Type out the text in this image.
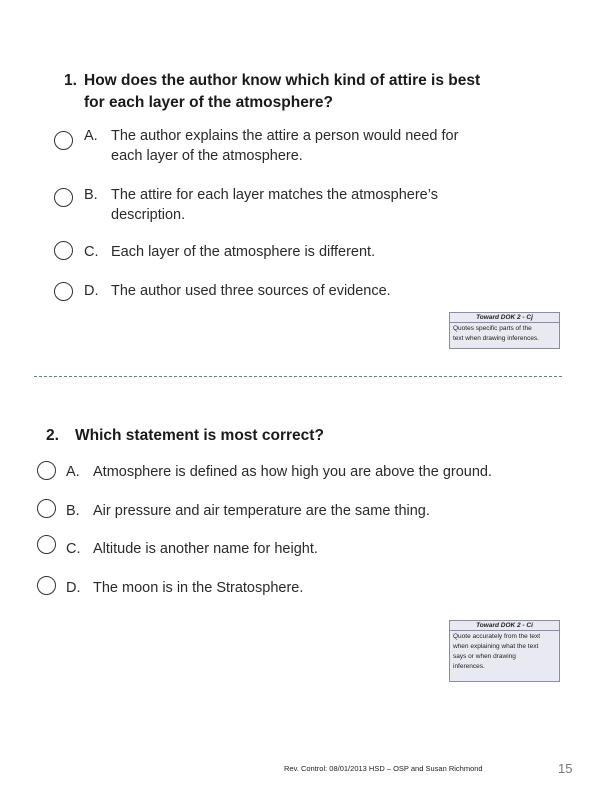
1. How does the author know which kind of attire is best
for each layer of the atmosphere?
A. The author explains the attire a person would need for
each layer of the atmosphere.
B. The attire for each layer matches the atmosphere’s
description.
C. Each layer of the atmosphere is different.
D. The author used three sources of evidence.
Toward DOK 2 - Cj
Quotes specific parts of the
text when drawing inferences.
2. Which statement is most correct?
A. Atmosphere is defined as how high you are above the ground.
B. Air pressure and air temperature are the same thing.
C. Altitude is another name for height.
D. The moon is in the Stratosphere.
Toward DOK 2 - Ci
Quote accurately from the text
when explaining what the text
says or when drawing
inferences.
Rev. Control: 08/01/2013 HSD – OSP and Susan Richmond	15
